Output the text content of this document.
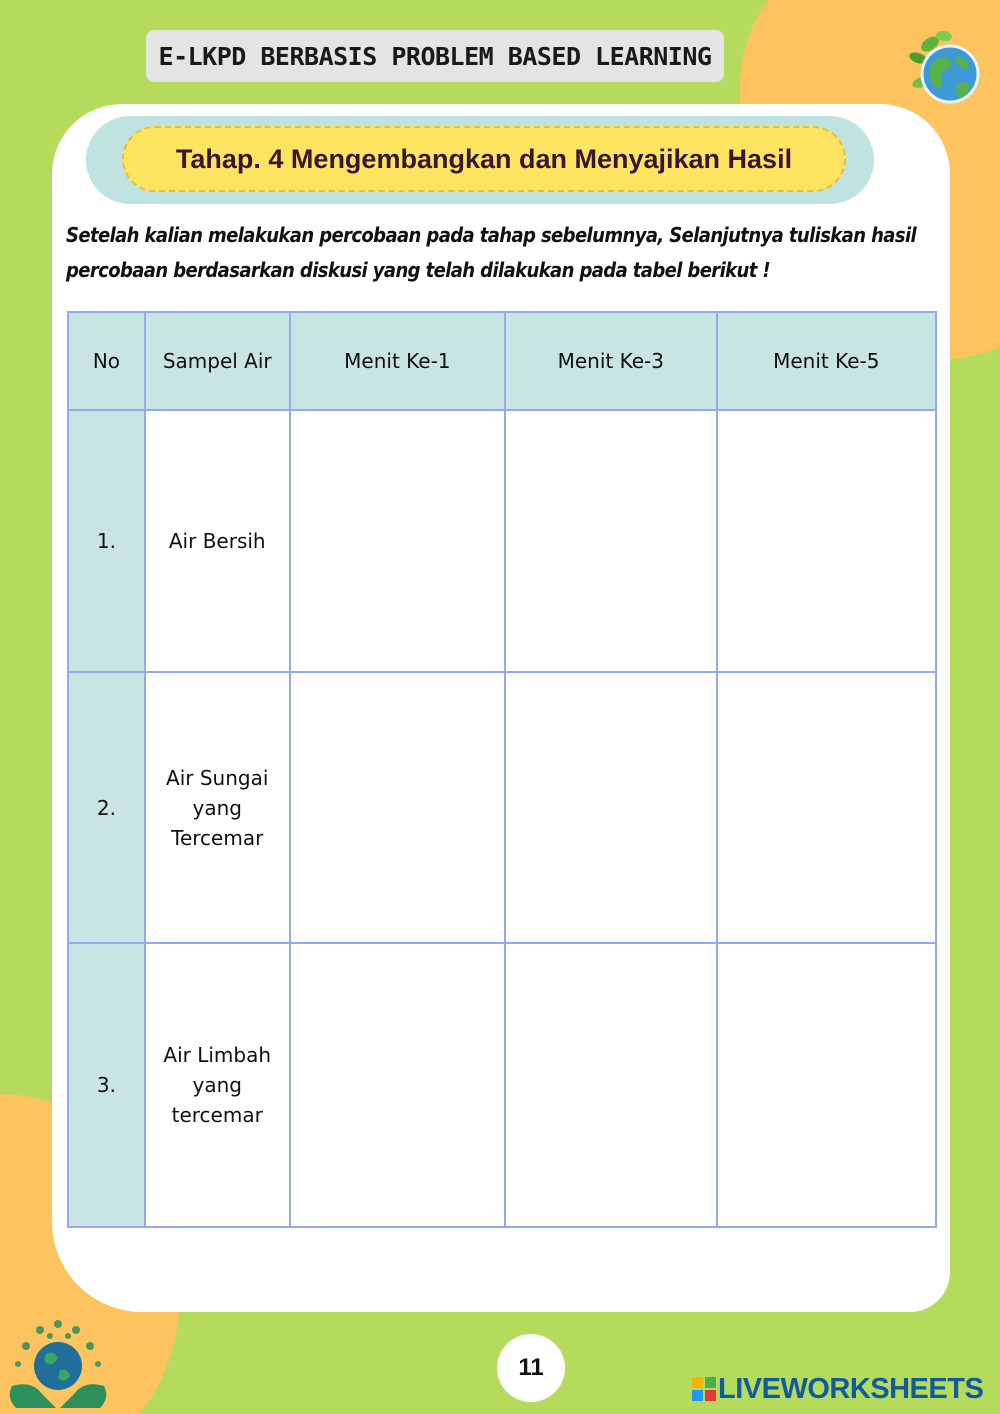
E-LKPD BERBASIS PROBLEM BASED LEARNING
Tahap. 4 Mengembangkan dan Menyajikan Hasil
Setelah kalian melakukan percobaan pada tahap sebelumnya, Selanjutnya tuliskan hasil
percobaan berdasarkan diskusi yang telah dilakukan pada tabel berikut !
No	Sampel Air	Menit Ke-1	Menit Ke-3	Menit Ke-5
1.	Air Bersih			

2.	Air Sungai
yang
Tercemar			

3.	Air Limbah
yang
tercemar			

11
LIVEWORKSHEETS
